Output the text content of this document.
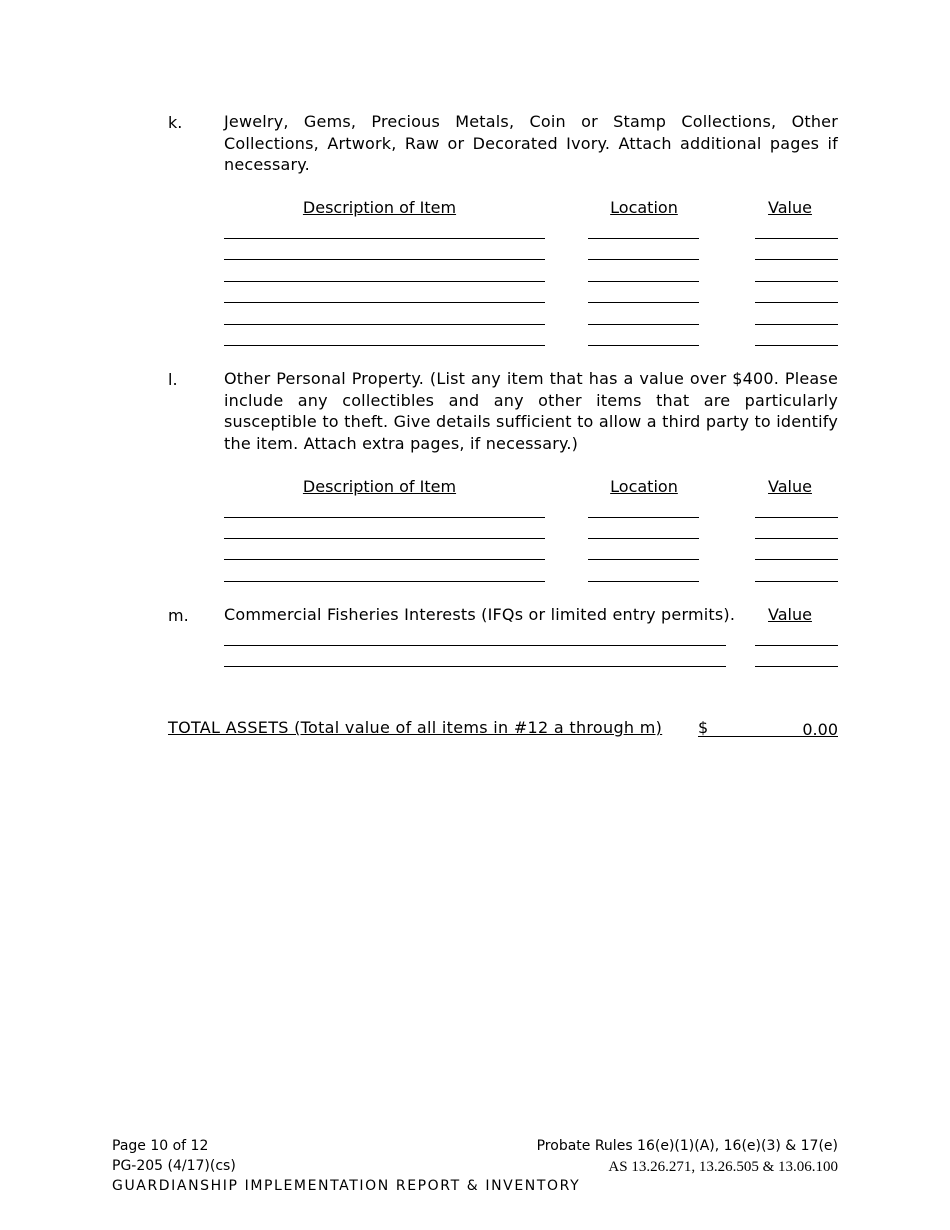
k.	Jewelry, Gems, Precious Metals, Coin or Stamp Collections, Other Collections, Artwork, Raw or Decorated Ivory. Attach additional pages if necessary.
Description of Item	Location	Value
l.	Other Personal Property. (List any item that has a value over $400. Please include any collectibles and any other items that are particularly susceptible to theft. Give details sufficient to allow a third party to identify the item. Attach extra pages, if necessary.)
Description of Item	Location	Value
m. Commercial Fisheries Interests (IFQs or limited entry permits).	Value
TOTAL ASSETS (Total value of all items in #12 a through m) $	0.00
Page 10 of 12
PG-205 (4/17)(cs)
GUARDIANSHIP IMPLEMENTATION REPORT & INVENTORY
Probate Rules 16(e)(1)(A), 16(e)(3) & 17(e)
AS 13.26.271, 13.26.505 & 13.06.100
